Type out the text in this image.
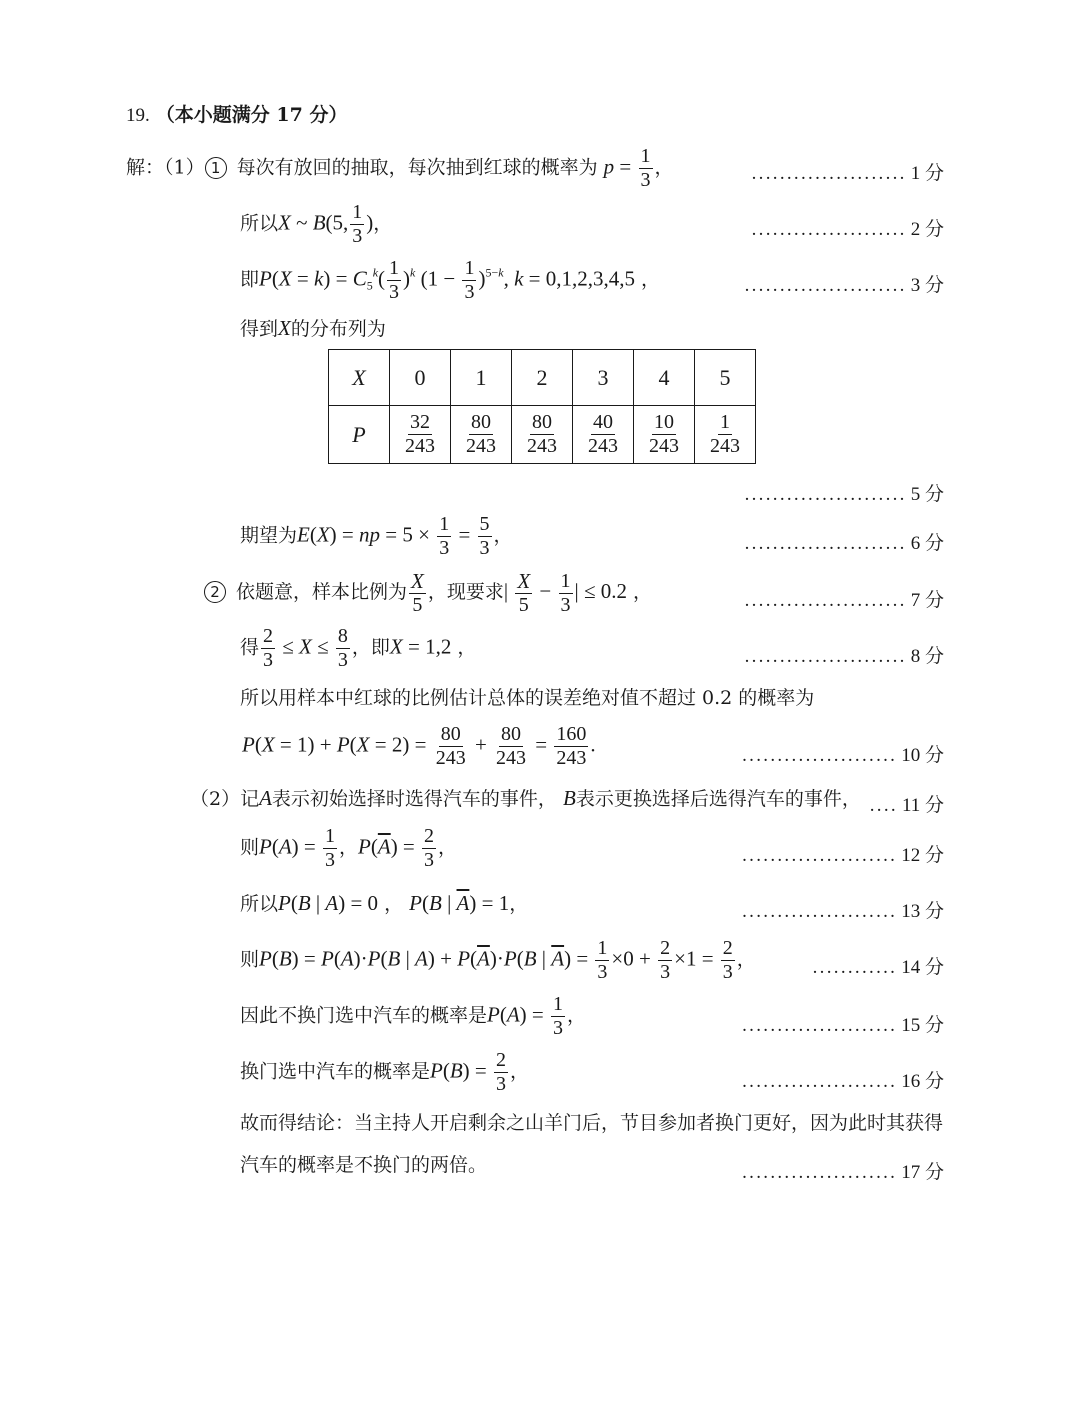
19. （本小题满分 17 分）
解：（1） 1 每次有放回的抽取，每次抽到红球的概率为 $p = \frac{1}{3}$ ，	...................... 1 分
所以X ~ B(5, $\frac{1}{3}$ )，	...................... 2 分
即$P(X = k) = C_5^k( \frac{1}{3} )^k$ $(1 - \frac{1}{3} )^{5-k}$, k = 0,1,2,3,4,5 ，	....................... 3 分
得到X的分布列为
X	0	1	2	3	4	5
P	$\frac{32}{243}$	$\frac{80}{243}$	$\frac{80}{243}$	$\frac{40}{243}$	$\frac{10}{243}$	$\frac{1}{243}$
....................... 5 分
期望为E(X) = np = $5 \times \frac{1}{3} = \frac{5}{3}$ ，	....................... 6 分
2 依题意，样本比例为 $\frac{X}{5}$ ，现要求| $\frac{X}{5} - \frac{1}{3}$ | ≤ 0.2 ，	....................... 7 分
得 $\frac{2}{3} \le X \le \frac{8}{3}$ ，即X = 1,2 ，	....................... 8 分
所以用样本中红球的比例估计总体的误差绝对值不超过 0.2 的概率为
$P(X = 1) + P(X = 2) = \frac{80}{243} + \frac{80}{243} = \frac{160}{243}$ .	...................... 10 分
（2）记A表示初始选择时选得汽车的事件， B表示更换选择后选得汽车的事件， .... 11 分
则$P(A) = \frac{1}{3}$ ，$P(\overline{A}) = \frac{2}{3}$ ，	...................... 12 分
所以P(B | A) = 0 ， P(B | $\overline{A}) = 1$，	...................... 13 分
则P(B) = P(A)·P(B | $A) + P(\overline{A})\cdot P(B$ | $\overline{A}) = \frac{1}{3} \times 0 + \frac{2}{3} \times 1 = \frac{2}{3}$ ，	............ 14 分
因此不换门选中汽车的概率是$P(A) = \frac{1}{3}$ ，	...................... 15 分
换门选中汽车的概率是$P(B) = \frac{2}{3}$ ，	...................... 16 分
故而得结论：当主持人开启剩余之山羊门后，节目参加者换门更好，因为此时其获得
汽车的概率是不换门的两倍。	...................... 17 分
